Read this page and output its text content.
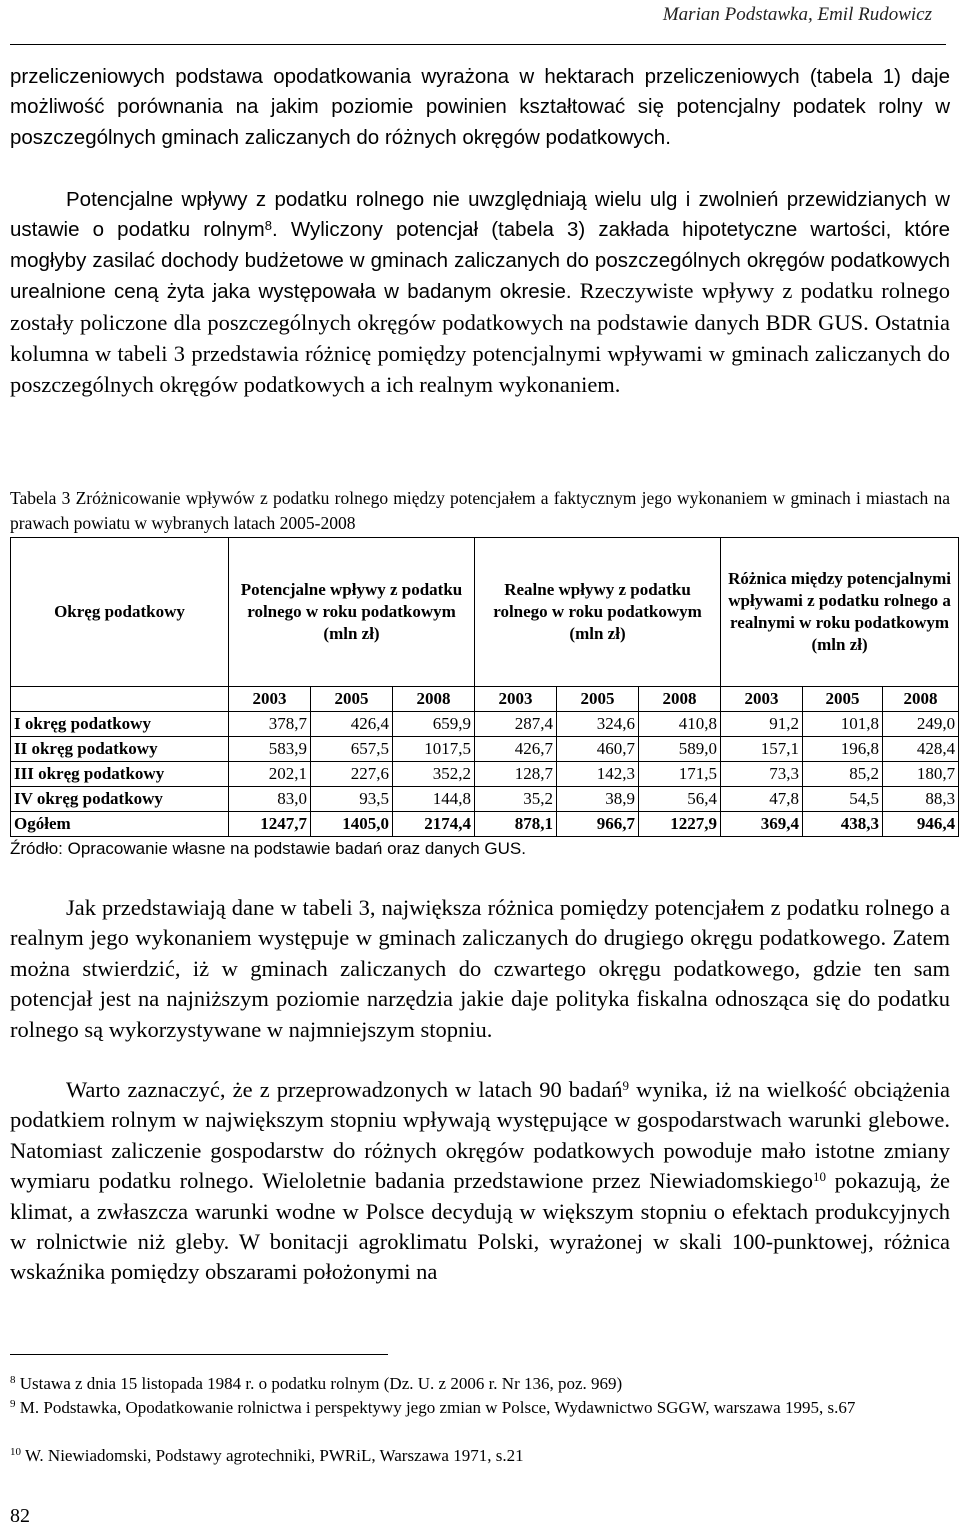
Marian Podstawka, Emil Rudowicz

przeliczeniowych podstawa opodatkowania wyrażona w hektarach przeliczeniowych (tabela 1) daje możliwość porównania na jakim poziomie powinien kształtować się potencjalny podatek rolny w poszczególnych gminach zaliczanych do różnych okręgów podatkowych.

Potencjalne wpływy z podatku rolnego nie uwzględniają wielu ulg i zwolnień przewidzianych w ustawie o podatku rolnym$^8$. Wyliczony potencjał (tabela 3) zakłada hipotetyczne wartości, które mogłyby zasilać dochody budżetowe w gminach zaliczanych do poszczególnych okręgów podatkowych urealnione ceną żyta jaka występowała w badanym okresie. Rzeczywiste wpływy z podatku rolnego zostały policzone dla poszczególnych okręgów podatkowych na podstawie danych BDR GUS. Ostatnia kolumna w tabeli 3 przedstawia różnicę pomiędzy potencjalnymi wpływami w gminach zaliczanych do poszczególnych okręgów podatkowych a ich realnym wykonaniem.

Tabela 3 Zróżnicowanie wpływów z podatku rolnego między potencjałem a faktycznym jego wykonaniem w gminach i miastach na prawach powiatu w wybranych latach 2005-2008

Okręg podatkowy	Potencjalne wpływy z podatku rolnego w roku podatkowym (mln zł)			Realne wpływy z podatku rolnego w roku podatkowym (mln zł)			Różnica między potencjalnymi wpływami z podatku rolnego a realnymi w roku podatkowym (mln zł)		
	2003	2005	2008	2003	2005	2008	2003	2005	2008
I okręg podatkowy	378,7	426,4	659,9	287,4	324,6	410,8	91,2	101,8	249,0
II okręg podatkowy	583,9	657,5	1017,5	426,7	460,7	589,0	157,1	196,8	428,4
III okręg podatkowy	202,1	227,6	352,2	128,7	142,3	171,5	73,3	85,2	180,7
IV okręg podatkowy	83,0	93,5	144,8	35,2	38,9	56,4	47,8	54,5	88,3
Ogółem	1247,7	1405,0	2174,4	878,1	966,7	1227,9	369,4	438,3	946,4

Źródło: Opracowanie własne na podstawie badań oraz danych GUS.

Jak przedstawiają dane w tabeli 3, największa różnica pomiędzy potencjałem z podatku rolnego a realnym jego wykonaniem występuje w gminach zaliczanych do drugiego okręgu podatkowego. Zatem można stwierdzić, iż w gminach zaliczanych do czwartego okręgu podatkowego, gdzie ten sam potencjał jest na najniższym poziomie narzędzia jakie daje polityka fiskalna odnosząca się do podatku rolnego są wykorzystywane w najmniejszym stopniu.

Warto zaznaczyć, że z przeprowadzonych w latach 90 badań$^9$ wynika, iż na wielkość obciążenia podatkiem rolnym w największym stopniu wpływają występujące w gospodarstwach warunki glebowe. Natomiast zaliczenie gospodarstw do różnych okręgów podatkowych powoduje mało istotne zmiany wymiaru podatku rolnego. Wieloletnie badania przedstawione przez Niewiadomskiego$^{10}$ pokazują, że klimat, a zwłaszcza warunki wodne w Polsce decydują w większym stopniu o efektach produkcyjnych w rolnictwie niż gleby. W bonitacji agroklimatu Polski, wyrażonej w skali 100-punktowej, różnica wskaźnika pomiędzy obszarami położonymi na

$^8$ Ustawa z dnia 15 listopada 1984 r. o podatku rolnym (Dz. U. z 2006 r. Nr 136, poz. 969)

$^9$ M. Podstawka, Opodatkowanie rolnictwa i perspektywy jego zmian w Polsce, Wydawnictwo SGGW, warszawa 1995, s.67

$^{10}$ W. Niewiadomski, Podstawy agrotechniki, PWRiL, Warszawa 1971, s.21

82
